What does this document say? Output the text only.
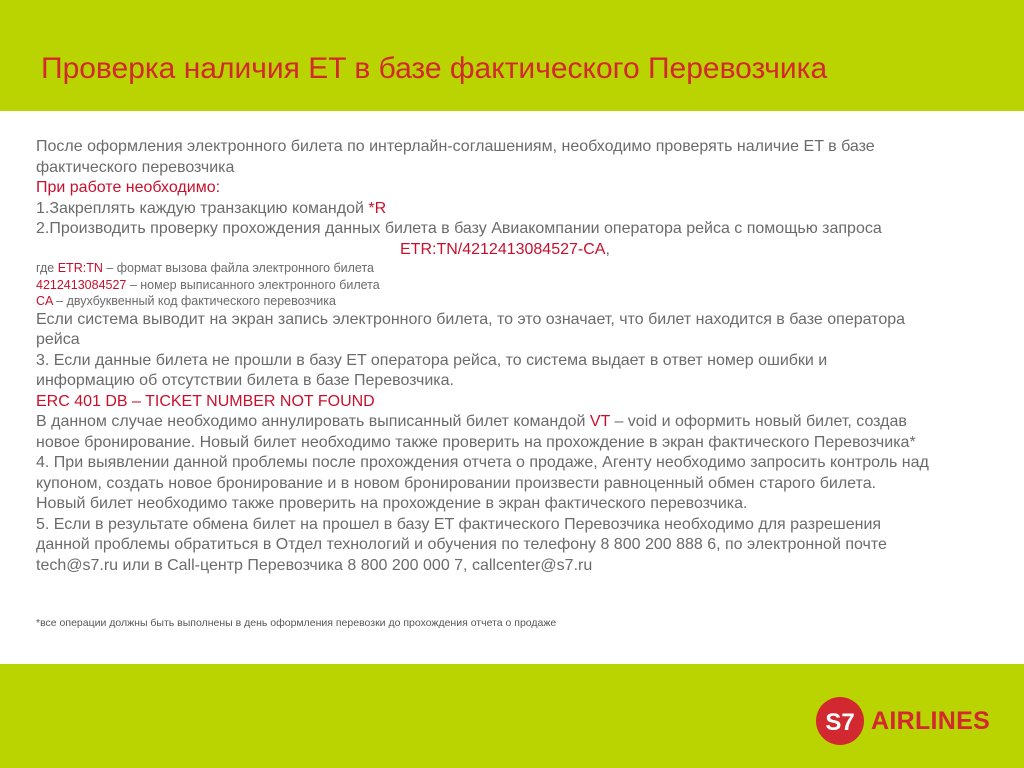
Проверка наличия ET в базе фактического Перевозчика
После оформления электронного билета по интерлайн-соглашениям, необходимо проверять наличие ET в базе
фактического перевозчика
При работе необходимо:
1.Закреплять каждую транзакцию командой *R
2.Производить проверку прохождения данных билета в базу Авиакомпании оператора рейса с помощью запроса
ETR:TN/4212413084527-CA,
где ETR:TN – формат вызова файла электронного билета
4212413084527 – номер выписанного электронного билета
CA – двухбуквенный код фактического перевозчика
Если система выводит на экран запись электронного билета, то это означает, что билет находится в базе оператора
рейса
3. Если данные билета не прошли в базу ET оператора рейса, то система выдает в ответ номер ошибки и
информацию об отсутствии билета в базе Перевозчика.
ERC 401 DB – TICKET NUMBER NOT FOUND
В данном случае необходимо аннулировать выписанный билет командой VT – void и оформить новый билет, создав
новое бронирование. Новый билет необходимо также проверить на прохождение в экран фактического Перевозчика*
4. При выявлении данной проблемы после прохождения отчета о продаже, Агенту необходимо запросить контроль над
купоном, создать новое бронирование и в новом бронировании произвести равноценный обмен старого билета.
Новый билет необходимо также проверить на прохождение в экран фактического перевозчика.
5. Если в результате обмена билет на прошел в базу ET фактического Перевозчика необходимо для разрешения
данной проблемы обратиться в Отдел технологий и обучения по телефону 8 800 200 888 6, по электронной почте
tech@s7.ru или в Call-центр Перевозчика 8 800 200 000 7, callcenter@s7.ru
*все операции должны быть выполнены в день оформления перевозки до прохождения отчета о продаже
S7 AIRLINES
